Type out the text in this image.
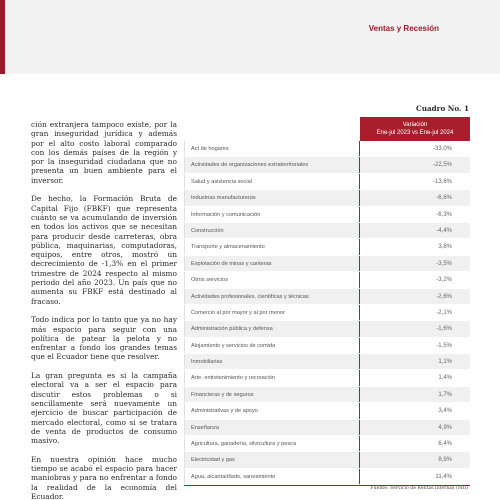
Ventas y Recesión

ción extranjera tampoco existe, por la gran inseguridad jurídica y además por el alto costo laboral comparado con los demás países de la región y por la inseguridad ciudadana que no presenta un buen ambiente para el inversor.

De hecho, la Formación Bruta de Capital Fijo (FBKF) que representa cuánto se va acumulando de inversión en todos los activos que se necesitan para producir desde carreteras, obra pública, maquinarias, computadoras, equipos, entre otros, mostró un decrecimiento de -1,3% en el primer trimestre de 2024 respecto al mismo periodo del año 2023. Un país que no aumenta su FBKF está destinado al fracaso.

Todo indica por lo tanto que ya no hay más espacio para seguir con una política de patear la pelota y no enfrentar a fondo los grandes temas que el Ecuador tiene que resolver.

La gran pregunta es si la campaña electoral va a ser el espacio para discutir estos problemas o si sencillamente será nuevamente un ejercicio de buscar participación de mercado electoral, como si se tratara de venta de productos de consumo masivo.

En nuestra opinión hace mucho tiempo se acabó el espacio para hacer maniobras y para no enfrentar a fondo la realidad de la economía del Ecuador.

Cuadro No. 1
Variación
Ene-jul 2023 vs Ene-jul 2024
Act de hogares	-33,0%
Actividades de organizaciones extraterritoriales	-22,5%
Salud y asistencia social	-13,6%
Industrias manufactureras	-6,6%
Información y comunicación	-6,3%
Construcción	-4,4%
Transporte y almacenamiento	3,8%
Explotación de minas y canteras	-3,5%
Otros servicios	-3,2%
Actividades profesionales, científicas y técnicas	-2,6%
Comercio al por mayor y al por menor	-2,1%
Administración pública y defensa	-1,6%
Alojamiento y servicios de comida	-1,5%
Inmobiliarias	1,1%
Arte, entretenimiento y recreación	1,4%
Financieras y de seguros	1,7%
Administrativas y de apoyo	3,4%
Enseñanza	4,9%
Agricultura, ganadería, silvicultura y pesca	6,4%
Electricidad y gas	8,9%
Agua, alcantarillado, saneamiento	11,4%
Fuente: Servicio de Rentas Internas (SRI)
